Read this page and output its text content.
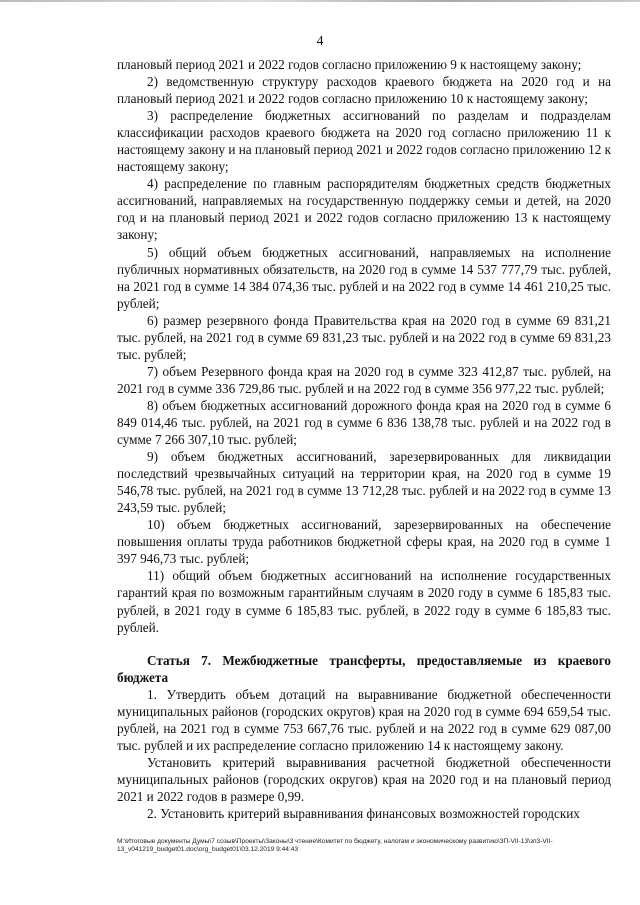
4

плановый период 2021 и 2022 годов согласно приложению 9 к настоящему закону;

2) ведомственную структуру расходов краевого бюджета на 2020 год и на плановый период 2021 и 2022 годов согласно приложению 10 к настоящему закону;

3) распределение бюджетных ассигнований по разделам и подразделам классификации расходов краевого бюджета на 2020 год согласно приложению 11 к настоящему закону и на плановый период 2021 и 2022 годов согласно приложению 12 к настоящему закону;

4) распределение по главным распорядителям бюджетных средств бюджетных ассигнований, направляемых на государственную поддержку семьи и детей, на 2020 год и на плановый период 2021 и 2022 годов согласно приложению 13 к настоящему закону;

5) общий объем бюджетных ассигнований, направляемых на исполнение публичных нормативных обязательств, на 2020 год в сумме 14 537 777,79 тыс. рублей, на 2021 год в сумме 14 384 074,36 тыс. рублей и на 2022 год в сумме 14 461 210,25 тыс. рублей;

6) размер резервного фонда Правительства края на 2020 год в сумме 69 831,21 тыс. рублей, на 2021 год в сумме 69 831,23 тыс. рублей и на 2022 год в сумме 69 831,23 тыс. рублей;

7) объем Резервного фонда края на 2020 год в сумме 323 412,87 тыс. рублей, на 2021 год в сумме 336 729,86 тыс. рублей и на 2022 год в сумме 356 977,22 тыс. рублей;

8) объем бюджетных ассигнований дорожного фонда края на 2020 год в сумме 6 849 014,46 тыс. рублей, на 2021 год в сумме 6 836 138,78 тыс. рублей и на 2022 год в сумме 7 266 307,10 тыс. рублей;

9) объем бюджетных ассигнований, зарезервированных для ликвидации последствий чрезвычайных ситуаций на территории края, на 2020 год в сумме 19 546,78 тыс. рублей, на 2021 год в сумме 13 712,28 тыс. рублей и на 2022 год в сумме 13 243,59 тыс. рублей;

10) объем бюджетных ассигнований, зарезервированных на обеспечение повышения оплаты труда работников бюджетной сферы края, на 2020 год в сумме 1 397 946,73 тыс. рублей;

11) общий объем бюджетных ассигнований на исполнение государственных гарантий края по возможным гарантийным случаям в 2020 году в сумме 6 185,83 тыс. рублей, в 2021 году в сумме 6 185,83 тыс. рублей, в 2022 году в сумме 6 185,83 тыс. рублей.

Статья 7. Межбюджетные трансферты, предоставляемые из краевого бюджета

1. Утвердить объем дотаций на выравнивание бюджетной обеспеченности муниципальных районов (городских округов) края на 2020 год в сумме 694 659,54 тыс. рублей, на 2021 год в сумме 753 667,76 тыс. рублей и на 2022 год в сумме 629 087,00 тыс. рублей и их распределение согласно приложению 14 к настоящему закону.

Установить критерий выравнивания расчетной бюджетной обеспеченности муниципальных районов (городских округов) края на 2020 год и на плановый период 2021 и 2022 годов в размере 0,99.

2. Установить критерий выравнивания финансовых возможностей городских

М:\Итоговые документы Думы\7 созыв\Проекты\Законы\3 чтение\Комитет по бюджету, налогам и экономическому развитию\ЗП-VII-13\зп3-VII-13_v041219_budget01.doc\org_budget01\03.12.2019 9:44:43
